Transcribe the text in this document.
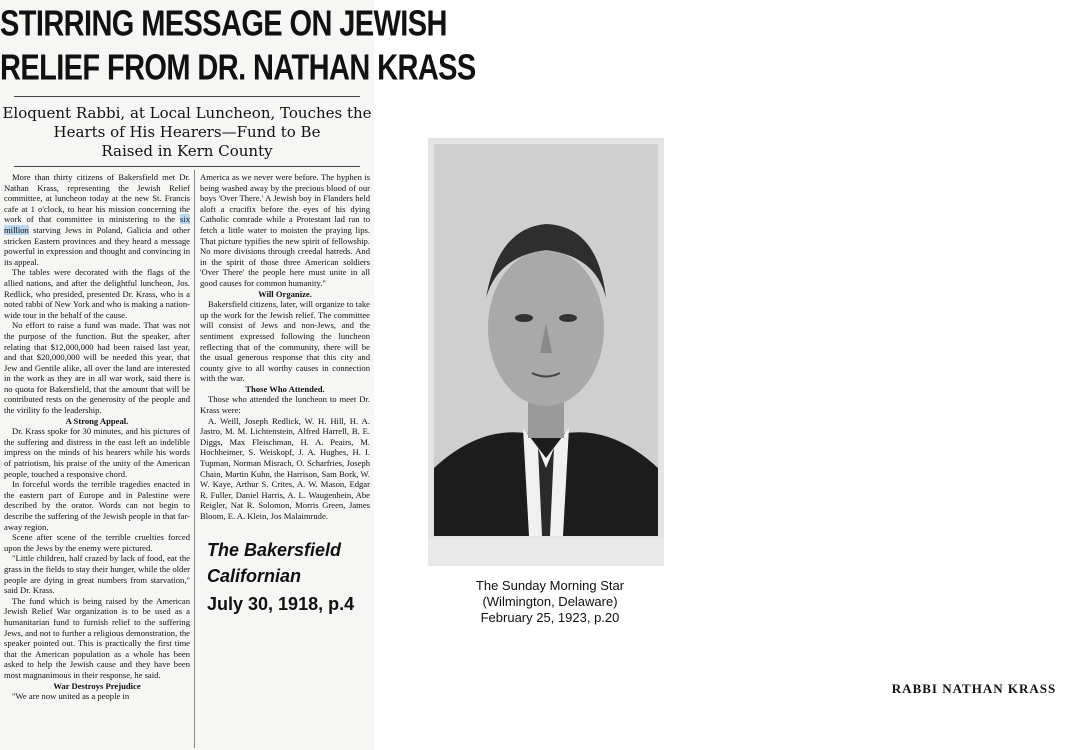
STIRRING MESSAGE ON JEWISH
RELIEF FROM DR. NATHAN KRASS
Eloquent Rabbi, at Local Luncheon, Touches the
Hearts of His Hearers—Fund to Be
Raised in Kern County

More than thirty citizens of Bakersfield met Dr. Nathan Krass, representing the Jewish Relief committee, at luncheon today at the new St. Francis cafe at 1 o'clock, to hear his mission concerning the work of that committee in ministering to the six million starving Jews in Poland, Galicia and other stricken Eastern provinces and they heard a message powerful in expression and thought and convincing in its appeal.

The tables were decorated with the flags of the allied nations, and after the delightful luncheon, Jos. Redlick, who presided, presented Dr. Krass, who is a noted rabbi of New York and who is making a nation-wide tour in the behalf of the cause.

No effort to raise a fund was made. That was not the purpose of the function. But the speaker, after relating that $12,000,000 had been raised last year, and that $20,000,000 will be needed this year, that Jew and Gentile alike, all over the land are interested in the work as they are in all war work, said there is no quota for Bakersfield, that the amount that will be contributed rests on the generosity of the people and the virility fo the leadership.

A Strong Appeal.

Dr. Krass spoke for 30 minutes, and his pictures of the suffering and distress in the east left an indelible impress on the minds of his hearers while his words of patriotism, his praise of the unity of the American people, touched a responsive chord.

In forceful words the terrible tragedies enacted in the eastern part of Europe and in Palestine were described by the orator. Words can not begin to describe the suffering of the Jewish people in that far-away region.

Scene after scene of the terrible cruelties forced upon the Jews by the enemy were pictured.

"Little children, half crazed by lack of food, eat the grass in the fields to stay their hunger, while the older people are dying in great numbers from starvation," said Dr. Krass.

The fund which is being raised by the American Jewish Relief War organization is to be used as a humanitarian fund to furnish relief to the suffering Jews, and not to further a religious demonstration, the speaker pointed out. This is practically the first time that the American population as a whole has been asked to help the Jewish cause and they have been most magnanimous in their response, he said.

War Destroys Prejudice

"We are now united as a people in

America as we never were before. The hyphen is being washed away by the precious blood of our boys 'Over There.' A Jewish boy in Flanders held aloft a crucifix before the eyes of his dying Catholic comrade while a Protestant lad ran to fetch a little water to moisten the praying lips. That picture typifies the new spirit of fellowship. No more divisions through creedal hatreds. And in the spirit of those three American soldiers 'Over There' the people here must unite in all good causes for common humanity."

Will Organize.

Bakersfield citizens, later, will organize to take up the work for the Jewish relief. The committee will consist of Jews and non-Jews, and the sentiment expressed following the luncheon reflecting that of the community, there will be the usual generous response that this city and county give to all worthy causes in connection with the war.

Those Who Attended.

Those who attended the luncheon to meet Dr. Krass were:

A. Weill, Joseph Redlick, W. H. Hill, H. A. Jastro, M. M. Lichtenstein, Alfred Harrell, B. E. Diggs, Max Fleischman, H. A. Peairs, M. Hochheimer, S. Weiskopf, J. A. Hughes, H. I. Tupman, Norman Misrach, O. Scharfries, Joseph Chain, Martin Kuhn, the Harrison, Sam Bork, W. W. Kaye, Arthur S. Crites, A. W. Mason, Edgar R. Fuller, Daniel Harris, A. L. Waugenhein, Abe Reigler, Nat R. Solomon, Morris Green, James Bloom, E. A. Klein, Jos Malaimrude.

The Bakersfield
Californian
July 30, 1918, p.4
RABBI NATHAN KRASS
The Sunday Morning Star
(Wilmington, Delaware)
February 25, 1923, p.20
